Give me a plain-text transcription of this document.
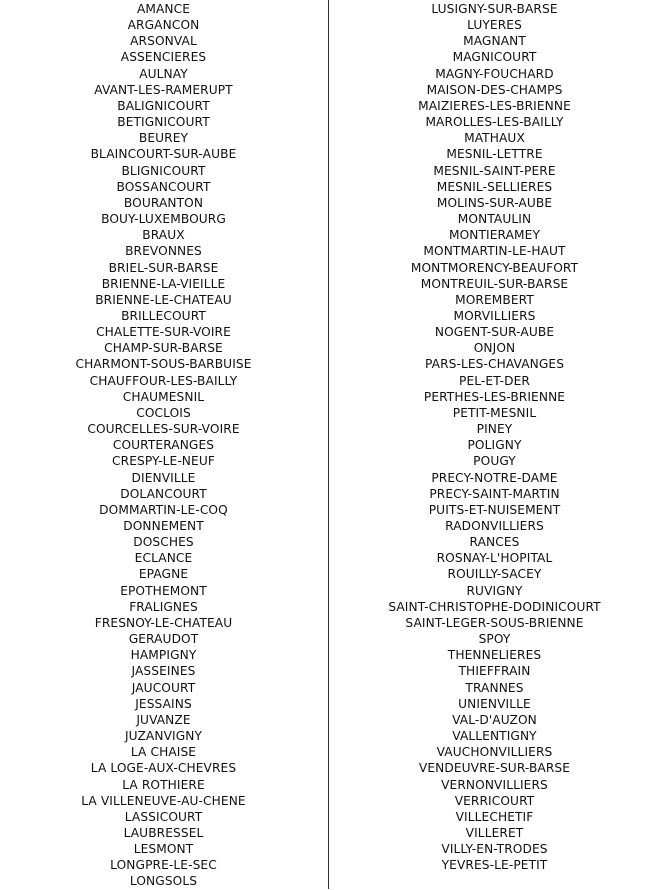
AMANCE
ARGANCON
ARSONVAL
ASSENCIERES
AULNAY
AVANT-LES-RAMERUPT
BALIGNICOURT
BETIGNICOURT
BEUREY
BLAINCOURT-SUR-AUBE
BLIGNICOURT
BOSSANCOURT
BOURANTON
BOUY-LUXEMBOURG
BRAUX
BREVONNES
BRIEL-SUR-BARSE
BRIENNE-LA-VIEILLE
BRIENNE-LE-CHATEAU
BRILLECOURT
CHALETTE-SUR-VOIRE
CHAMP-SUR-BARSE
CHARMONT-SOUS-BARBUISE
CHAUFFOUR-LES-BAILLY
CHAUMESNIL
COCLOIS
COURCELLES-SUR-VOIRE
COURTERANGES
CRESPY-LE-NEUF
DIENVILLE
DOLANCOURT
DOMMARTIN-LE-COQ
DONNEMENT
DOSCHES
ECLANCE
EPAGNE
EPOTHEMONT
FRALIGNES
FRESNOY-LE-CHATEAU
GERAUDOT
HAMPIGNY
JASSEINES
JAUCOURT
JESSAINS
JUVANZE
JUZANVIGNY
LA CHAISE
LA LOGE-AUX-CHEVRES
LA ROTHIERE
LA VILLENEUVE-AU-CHENE
LASSICOURT
LAUBRESSEL
LESMONT
LONGPRE-LE-SEC
LONGSOLS
LUSIGNY-SUR-BARSE
LUYERES
MAGNANT
MAGNICOURT
MAGNY-FOUCHARD
MAISON-DES-CHAMPS
MAIZIERES-LES-BRIENNE
MAROLLES-LES-BAILLY
MATHAUX
MESNIL-LETTRE
MESNIL-SAINT-PERE
MESNIL-SELLIERES
MOLINS-SUR-AUBE
MONTAULIN
MONTIERAMEY
MONTMARTIN-LE-HAUT
MONTMORENCY-BEAUFORT
MONTREUIL-SUR-BARSE
MOREMBERT
MORVILLIERS
NOGENT-SUR-AUBE
ONJON
PARS-LES-CHAVANGES
PEL-ET-DER
PERTHES-LES-BRIENNE
PETIT-MESNIL
PINEY
POLIGNY
POUGY
PRECY-NOTRE-DAME
PRECY-SAINT-MARTIN
PUITS-ET-NUISEMENT
RADONVILLIERS
RANCES
ROSNAY-L'HOPITAL
ROUILLY-SACEY
RUVIGNY
SAINT-CHRISTOPHE-DODINICOURT
SAINT-LEGER-SOUS-BRIENNE
SPOY
THENNELIERES
THIEFFRAIN
TRANNES
UNIENVILLE
VAL-D'AUZON
VALLENTIGNY
VAUCHONVILLIERS
VENDEUVRE-SUR-BARSE
VERNONVILLIERS
VERRICOURT
VILLECHETIF
VILLERET
VILLY-EN-TRODES
YEVRES-LE-PETIT
